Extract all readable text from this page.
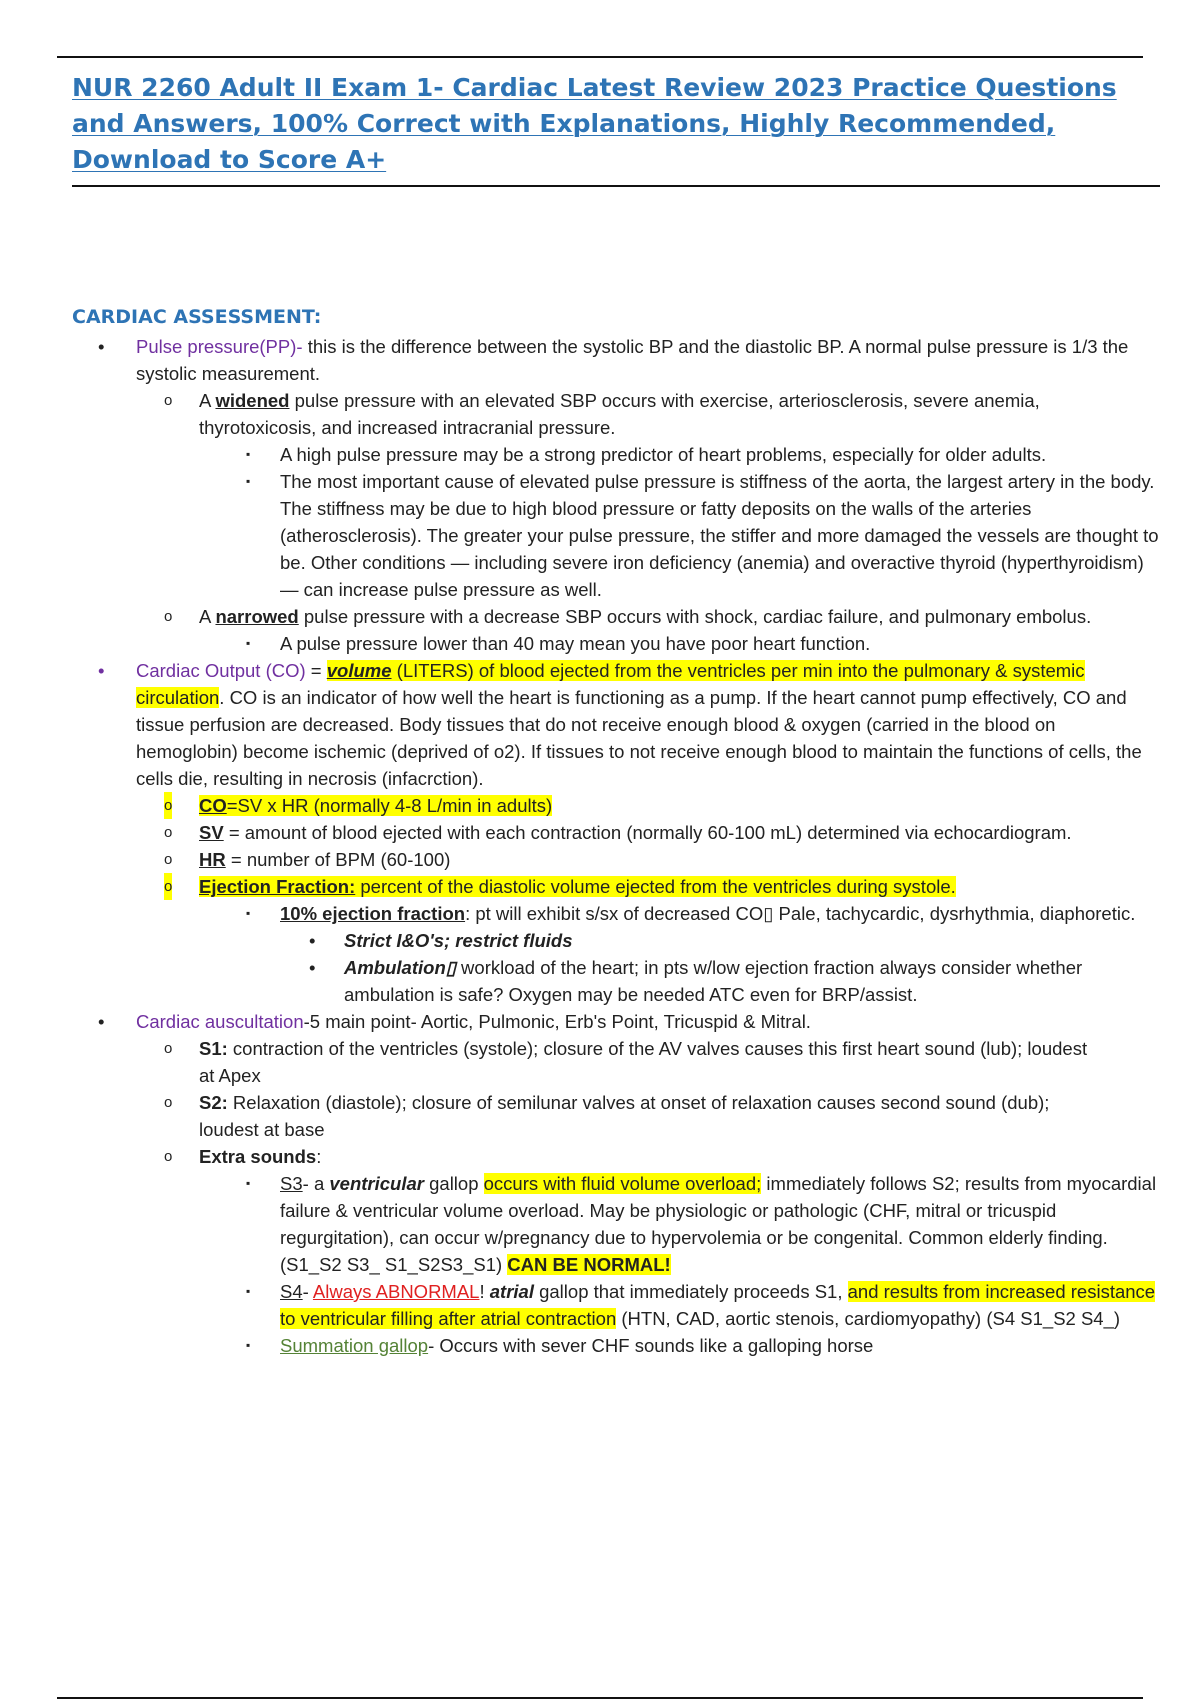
NUR 2260 Adult II Exam 1- Cardiac Latest Review 2023 Practice Questions and Answers, 100% Correct with Explanations, Highly Recommended, Download to Score A+
CARDIAC ASSESSMENT:
• Pulse pressure(PP)- this is the difference between the systolic BP and the diastolic BP. A normal pulse pressure is 1/3 the systolic measurement.
o A widened pulse pressure with an elevated SBP occurs with exercise, arteriosclerosis, severe anemia, thyrotoxicosis, and increased intracranial pressure.
▪ A high pulse pressure may be a strong predictor of heart problems, especially for older adults.
▪ The most important cause of elevated pulse pressure is stiffness of the aorta, the largest artery in the body. The stiffness may be due to high blood pressure or fatty deposits on the walls of the arteries (atherosclerosis). The greater your pulse pressure, the stiffer and more damaged the vessels are thought to be. Other conditions — including severe iron deficiency (anemia) and overactive thyroid (hyperthyroidism) — can increase pulse pressure as well.
o A narrowed pulse pressure with a decrease SBP occurs with shock, cardiac failure, and pulmonary embolus.
▪ A pulse pressure lower than 40 may mean you have poor heart function.
• Cardiac Output (CO) = volume (LITERS) of blood ejected from the ventricles per min into the pulmonary & systemic circulation. CO is an indicator of how well the heart is functioning as a pump. If the heart cannot pump effectively, CO and tissue perfusion are decreased. Body tissues that do not receive enough blood & oxygen (carried in the blood on hemoglobin) become ischemic (deprived of o2). If tissues to not receive enough blood to maintain the functions of cells, the cells die, resulting in necrosis (infacrction).
o CO=SV x HR (normally 4-8 L/min in adults)
o SV = amount of blood ejected with each contraction (normally 60-100 mL) determined via echocardiogram.
o HR = number of BPM (60-100)
o Ejection Fraction: percent of the diastolic volume ejected from the ventricles during systole.
▪ 10% ejection fraction: pt will exhibit s/sx of decreased CO▯ Pale, tachycardic, dysrhythmia, diaphoretic.
• Strict I&O's; restrict fluids
• Ambulation▯ workload of the heart; in pts w/low ejection fraction always consider whether ambulation is safe? Oxygen may be needed ATC even for BRP/assist.
• Cardiac auscultation-5 main point- Aortic, Pulmonic, Erb's Point, Tricuspid & Mitral.
o S1: contraction of the ventricles (systole); closure of the AV valves causes this first heart sound (lub); loudest at Apex
o S2: Relaxation (diastole); closure of semilunar valves at onset of relaxation causes second sound (dub); loudest at base
o Extra sounds:
▪ S3- a ventricular gallop occurs with fluid volume overload; immediately follows S2; results from myocardial failure & ventricular volume overload. May be physiologic or pathologic (CHF, mitral or tricuspid regurgitation), can occur w/pregnancy due to hypervolemia or be congenital. Common elderly finding.
(S1_S2 S3_ S1_S2S3_S1) CAN BE NORMAL!
▪ S4- Always ABNORMAL! atrial gallop that immediately proceeds S1, and results from increased resistance to ventricular filling after atrial contraction (HTN, CAD, aortic stenois, cardiomyopathy) (S4 S1_S2 S4_)
▪ Summation gallop- Occurs with sever CHF sounds like a galloping horse
